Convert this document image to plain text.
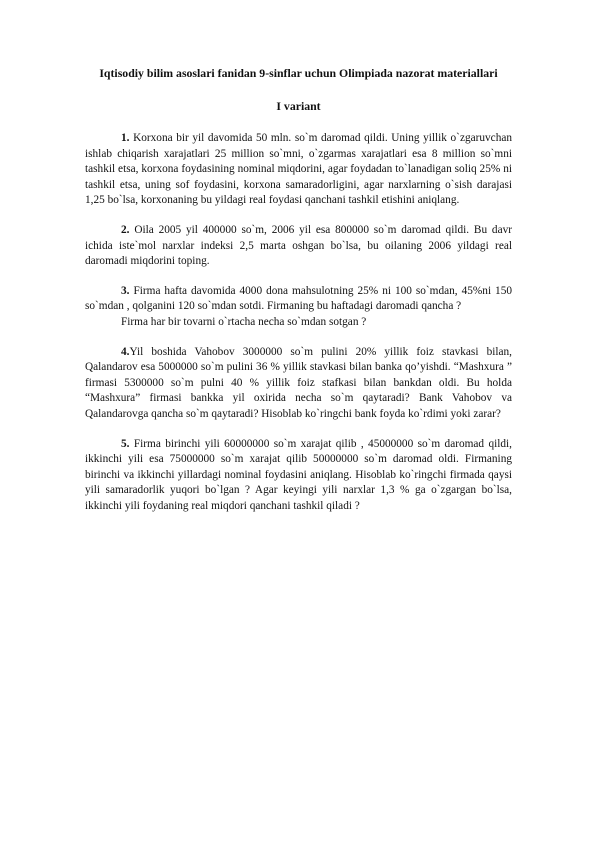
Iqtisodiy bilim asoslari fanidan 9-sinflar uchun Olimpiada nazorat materiallari
I variant

1. Korxona bir yil davomida 50 mln. so`m daromad qildi. Uning yillik o`zgaruvchan ishlab chiqarish xarajatlari 25 million so`mni, o`zgarmas xarajatlari esa 8 million so`mni tashkil etsa, korxona foydasining nominal miqdorini, agar foydadan to`lanadigan soliq 25% ni tashkil etsa, uning sof foydasini, korxona samaradorligini, agar narxlarning o`sish darajasi 1,25 bo`lsa, korxonaning bu yildagi real foydasi qanchani tashkil etishini aniqlang.

2. Oila 2005 yil 400000 so`m, 2006 yil esa 800000 so`m daromad qildi. Bu davr ichida iste`mol narxlar indeksi 2,5 marta oshgan bo`lsa, bu oilaning 2006 yildagi real daromadi miqdorini toping.

3. Firma hafta davomida 4000 dona mahsulotning 25% ni 100 so`mdan, 45%ni 150 so`mdan , qolganini 120 so`mdan sotdi. Firmaning bu haftadagi daromadi qancha ?

Firma har bir tovarni o`rtacha necha so`mdan sotgan ?

4.Yil boshida Vahobov 3000000 so`m pulini 20% yillik foiz stavkasi bilan, Qalandarov esa 5000000 so`m pulini 36 % yillik stavkasi bilan banka qo’yishdi. “Mashxura ” firmasi 5300000 so`m pulni 40 % yillik foiz stafkasi bilan bankdan oldi. Bu holda “Mashxura” firmasi bankka yil oxirida necha so`m qaytaradi? Bank Vahobov va Qalandarovga qancha so`m qaytaradi? Hisoblab ko`ringchi bank foyda ko`rdimi yoki zarar?

5. Firma birinchi yili 60000000 so`m xarajat qilib , 45000000 so`m daromad qildi, ikkinchi yili esa 75000000 so`m xarajat qilib 50000000 so`m daromad oldi. Firmaning birinchi va ikkinchi yillardagi nominal foydasini aniqlang. Hisoblab ko`ringchi firmada qaysi yili samaradorlik yuqori bo`lgan ? Agar keyingi yili narxlar 1,3 % ga o`zgargan bo`lsa, ikkinchi yili foydaning real miqdori qanchani tashkil qiladi ?
